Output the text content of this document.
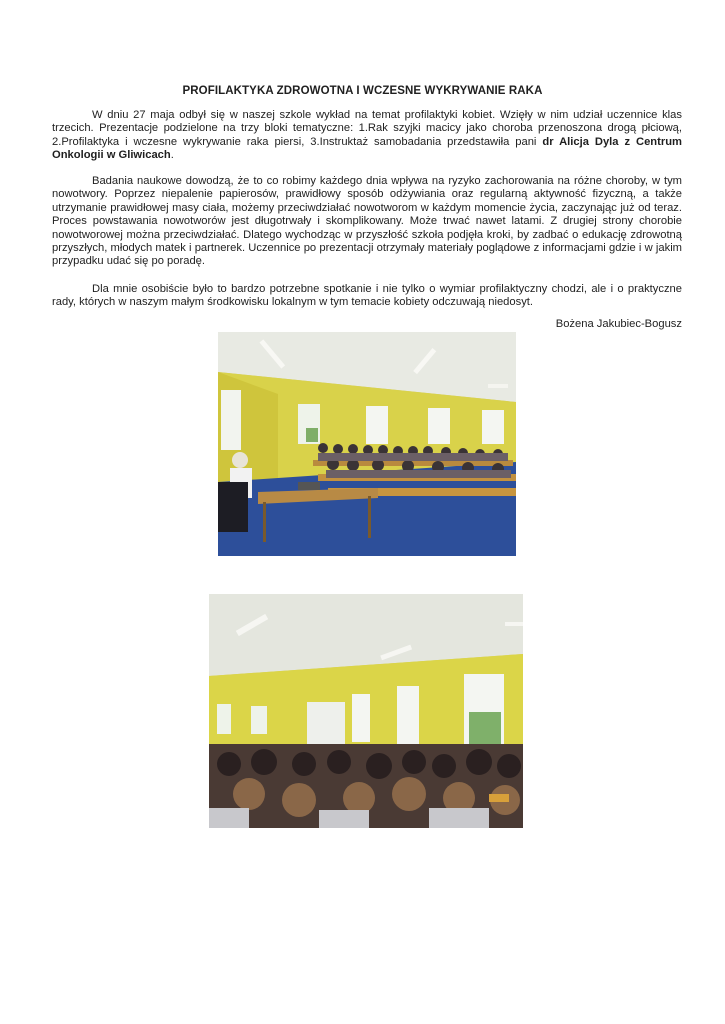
PROFILAKTYKA ZDROWOTNA I WCZESNE WYKRYWANIE RAKA
W dniu 27 maja odbył się w naszej szkole wykład na temat profilaktyki kobiet. Wzięły w nim udział uczennice klas trzecich. Prezentacje podzielone na trzy bloki tematyczne: 1.Rak szyjki macicy jako choroba przenoszona drogą płciową, 2.Profilaktyka i wczesne wykrywanie raka piersi, 3.Instruktaż samobadania przedstawiła pani dr Alicja Dyla z Centrum Onkologii w Gliwicach.
Badania naukowe dowodzą, że to co robimy każdego dnia wpływa na ryzyko zachorowania na różne choroby, w tym nowotwory. Poprzez niepalenie papierosów, prawidłowy sposób odżywiania oraz regularną aktywność fizyczną, a także utrzymanie prawidłowej masy ciała, możemy przeciwdziałać nowotworom w każdym momencie życia, zaczynając już od teraz. Proces powstawania nowotworów jest długotrwały i skomplikowany. Może trwać nawet latami. Z drugiej strony chorobie nowotworowej można przeciwdziałać. Dlatego wychodząc w przyszłość szkoła podjęła kroki, by zadbać o edukację zdrowotną przyszłych, młodych matek i partnerek. Uczennice po prezentacji otrzymały materiały poglądowe z informacjami gdzie i w jakim przypadku udać się po poradę.
Dla mnie osobiście było to bardzo potrzebne spotkanie i nie tylko o wymiar profilaktyczny chodzi, ale i o praktyczne rady, których w naszym małym środkowisku lokalnym w tym temacie kobiety odczuwają niedosyt.
Bożena Jakubiec-Bogusz
